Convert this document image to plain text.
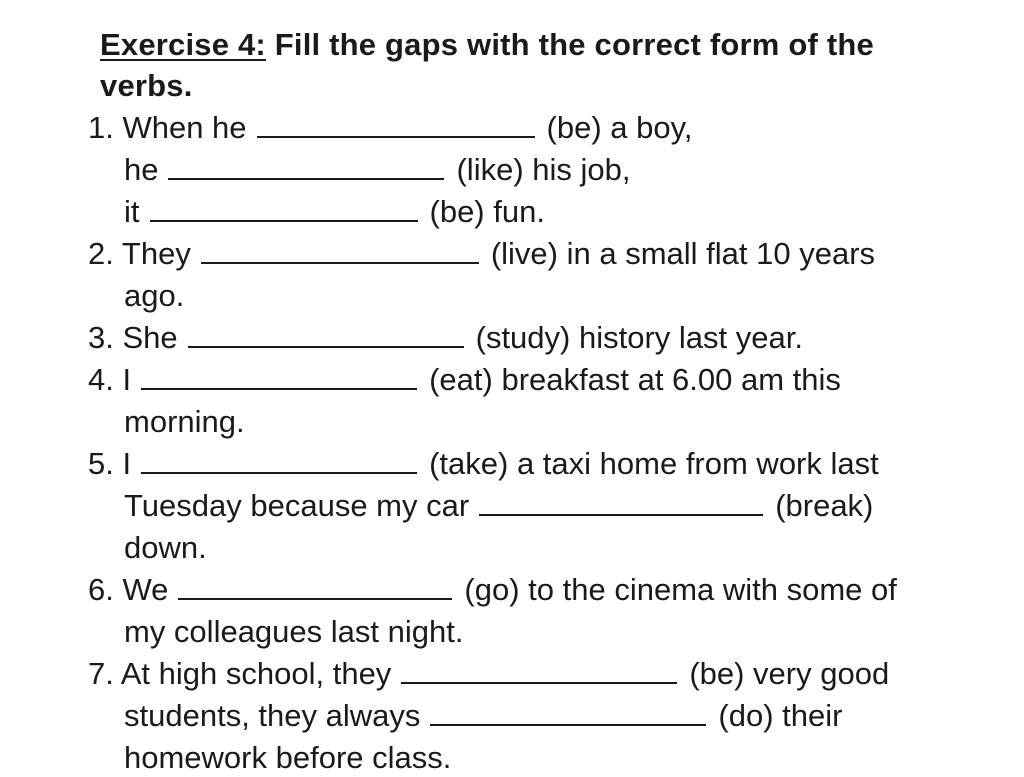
Exercise 4: Fill the gaps with the correct form of the
verbs.
1. When he	(be) a boy,
he	(like) his job,
it	(be) fun.
2. They	(live) in a small flat 10 years
ago.
3. She	(study) history last year.
4. I	(eat) breakfast at 6.00 am this
morning.
5. I	(take) a taxi home from work last
Tuesday because my car	(break)
down.
6. We	(go) to the cinema with some of
my colleagues last night.
7. At high school, they	(be) very good
students, they always	(do) their
homework before class.
